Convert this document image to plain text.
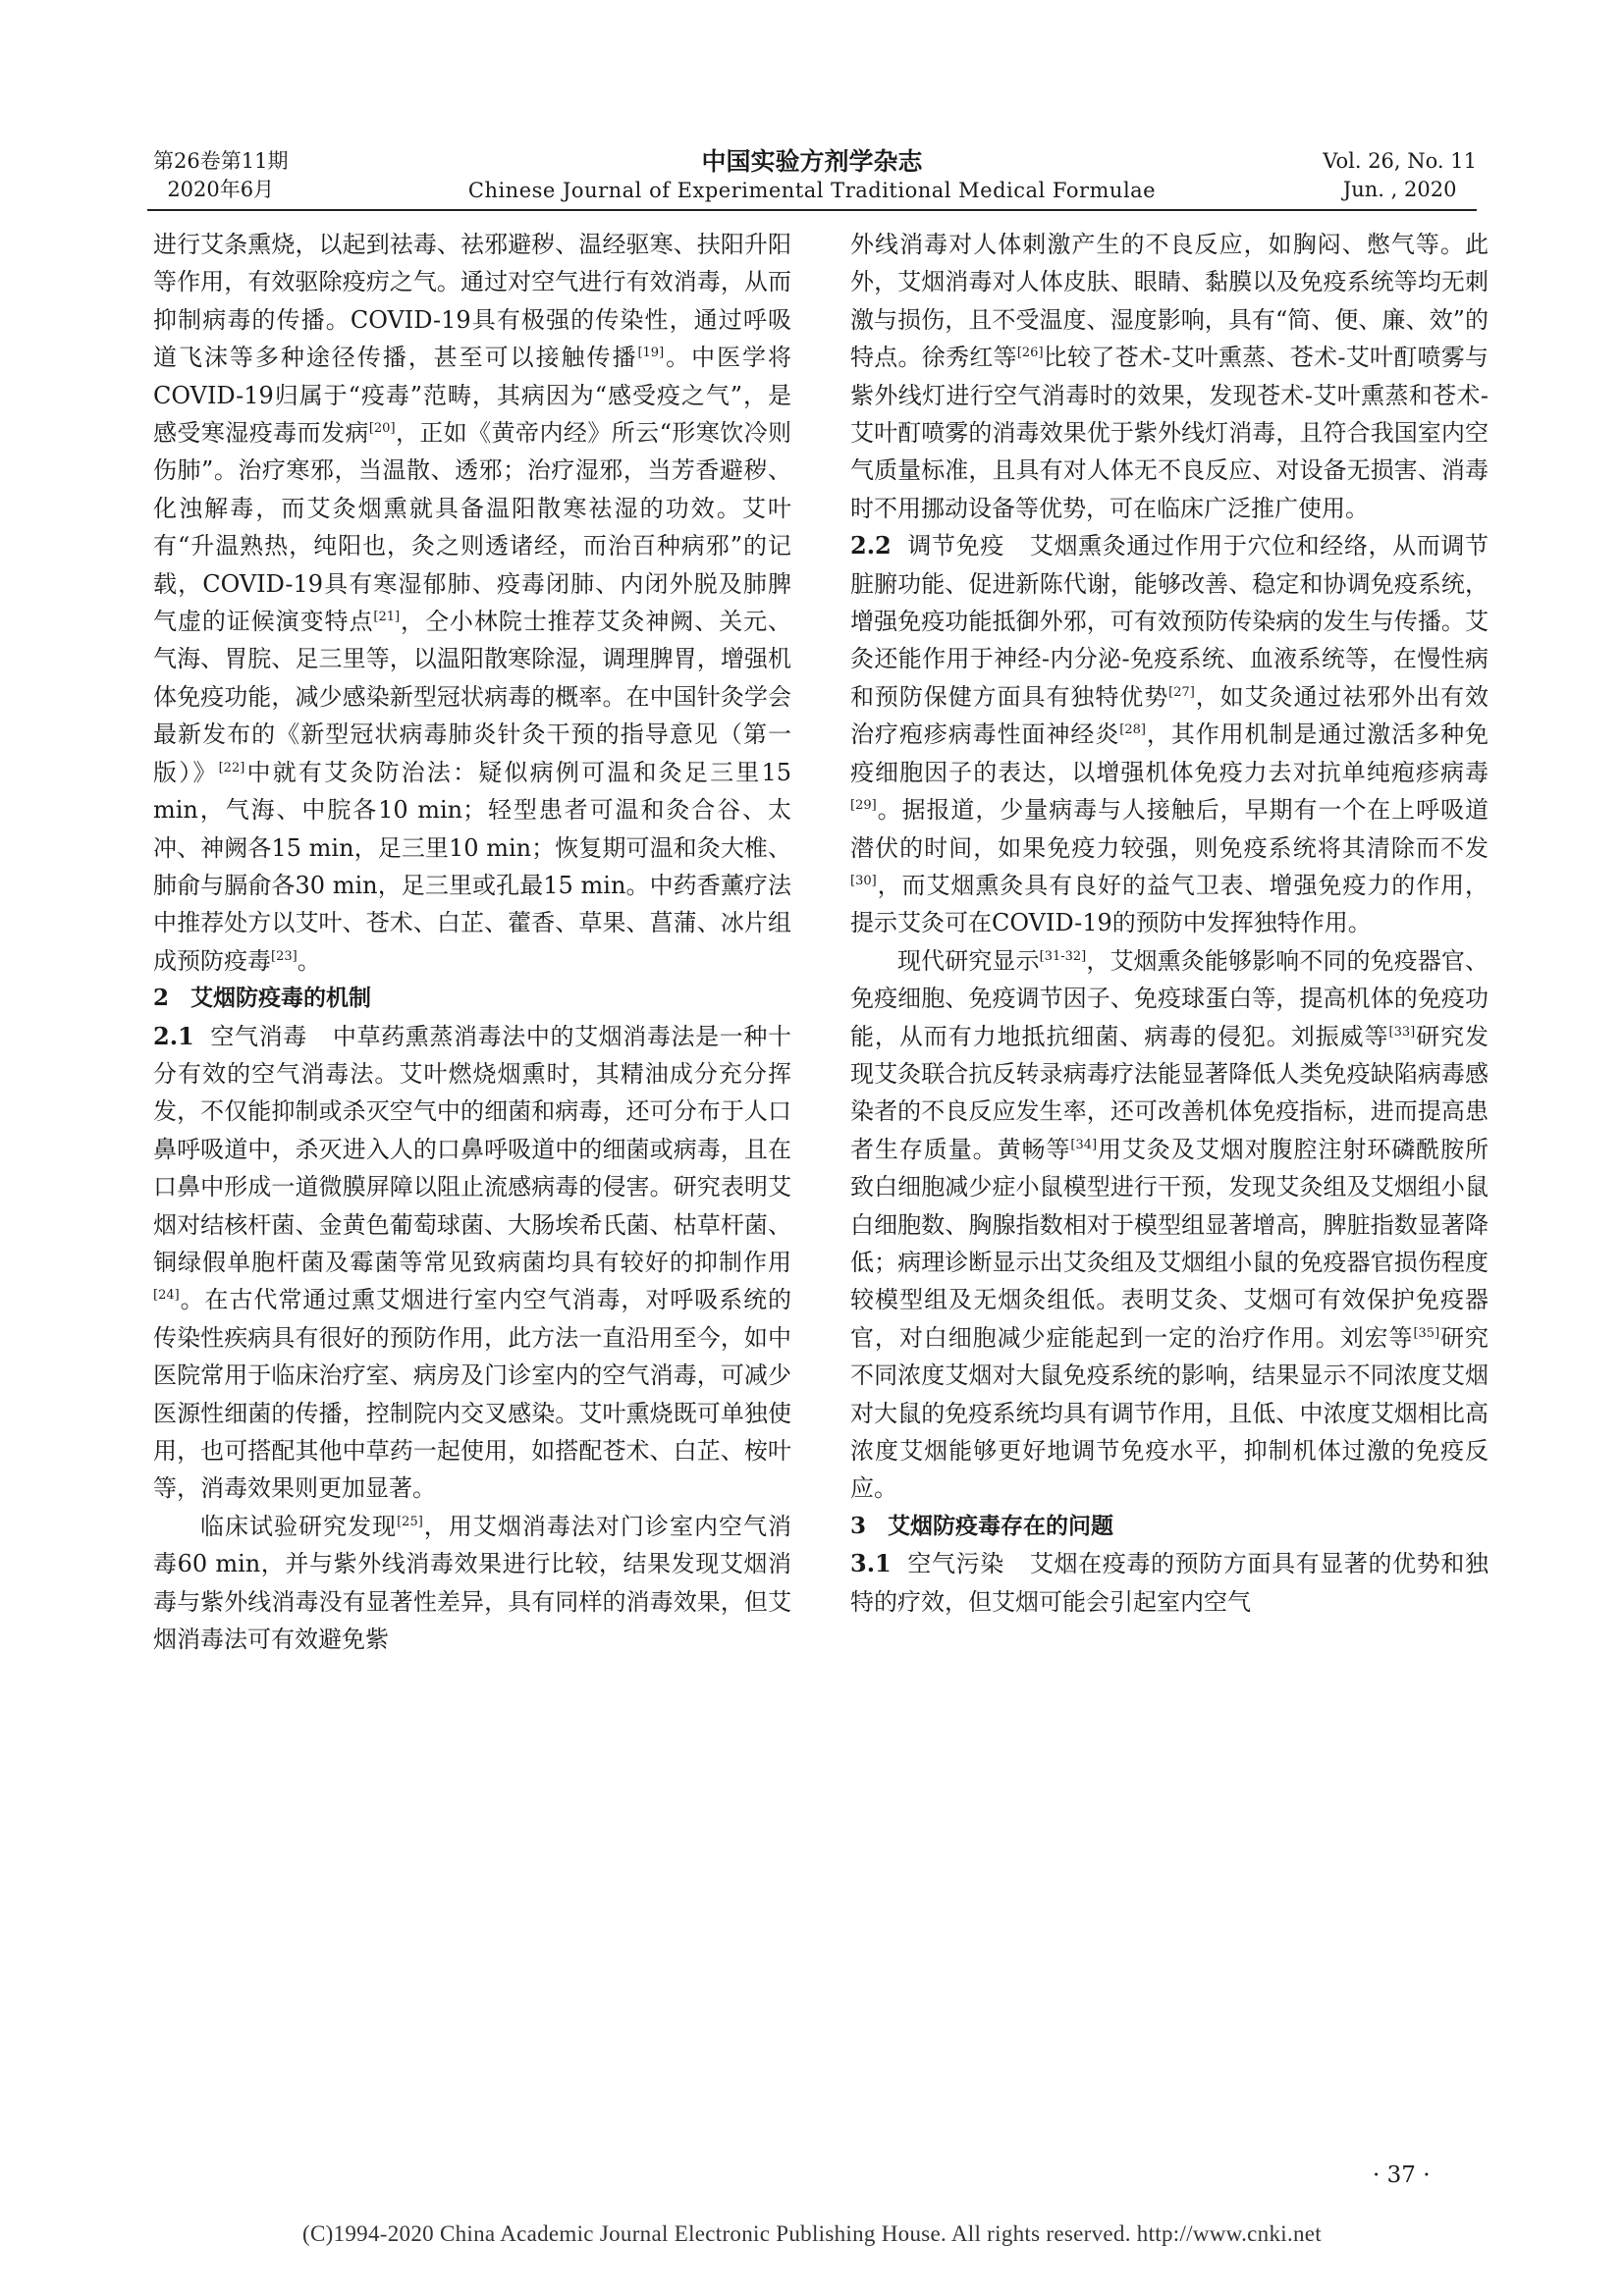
第26卷第11期
2020年6月
中国实验方剂学杂志
Chinese Journal of Experimental Traditional Medical Formulae
Vol. 26, No. 11
Jun. , 2020

进行艾条熏烧，以起到祛毒、祛邪避秽、温经驱寒、扶阳升阳等作用，有效驱除疫疠之气。通过对空气进行有效消毒，从而抑制病毒的传播。COVID-19具有极强的传染性，通过呼吸道飞沫等多种途径传播，甚至可以接触传播[19]。中医学将COVID-19归属于“疫毒”范畴，其病因为“感受疫之气”，是感受寒湿疫毒而发病[20]，正如《黄帝内经》所云“形寒饮冷则伤肺”。治疗寒邪，当温散、透邪；治疗湿邪，当芳香避秽、化浊解毒，而艾灸烟熏就具备温阳散寒祛湿的功效。艾叶有“升温熟热，纯阳也，灸之则透诸经，而治百种病邪”的记载，COVID-19具有寒湿郁肺、疫毒闭肺、内闭外脱及肺脾气虚的证候演变特点[21]，仝小林院士推荐艾灸神阙、关元、气海、胃脘、足三里等，以温阳散寒除湿，调理脾胃，增强机体免疫功能，减少感染新型冠状病毒的概率。在中国针灸学会最新发布的《新型冠状病毒肺炎针灸干预的指导意见（第一版）》[22]中就有艾灸防治法：疑似病例可温和灸足三里15 min，气海、中脘各10 min；轻型患者可温和灸合谷、太冲、神阙各15 min，足三里10 min；恢复期可温和灸大椎、肺俞与膈俞各30 min，足三里或孔最15 min。中药香薰疗法中推荐处方以艾叶、苍术、白芷、藿香、草果、菖蒲、冰片组成预防疫毒[23]。

2 艾烟防疫毒的机制

2.1 空气消毒 中草药熏蒸消毒法中的艾烟消毒法是一种十分有效的空气消毒法。艾叶燃烧烟熏时，其精油成分充分挥发，不仅能抑制或杀灭空气中的细菌和病毒，还可分布于人口鼻呼吸道中，杀灭进入人的口鼻呼吸道中的细菌或病毒，且在口鼻中形成一道微膜屏障以阻止流感病毒的侵害。研究表明艾烟对结核杆菌、金黄色葡萄球菌、大肠埃希氏菌、枯草杆菌、铜绿假单胞杆菌及霉菌等常见致病菌均具有较好的抑制作用[24]。在古代常通过熏艾烟进行室内空气消毒，对呼吸系统的传染性疾病具有很好的预防作用，此方法一直沿用至今，如中医院常用于临床治疗室、病房及门诊室内的空气消毒，可减少医源性细菌的传播，控制院内交叉感染。艾叶熏烧既可单独使用，也可搭配其他中草药一起使用，如搭配苍术、白芷、桉叶等，消毒效果则更加显著。

临床试验研究发现[25]，用艾烟消毒法对门诊室内空气消毒60 min，并与紫外线消毒效果进行比较，结果发现艾烟消毒与紫外线消毒没有显著性差异，具有同样的消毒效果，但艾烟消毒法可有效避免紫

外线消毒对人体刺激产生的不良反应，如胸闷、憋气等。此外，艾烟消毒对人体皮肤、眼睛、黏膜以及免疫系统等均无刺激与损伤，且不受温度、湿度影响，具有“简、便、廉、效”的特点。徐秀红等[26]比较了苍术-艾叶熏蒸、苍术-艾叶酊喷雾与紫外线灯进行空气消毒时的效果，发现苍术-艾叶熏蒸和苍术-艾叶酊喷雾的消毒效果优于紫外线灯消毒，且符合我国室内空气质量标准，且具有对人体无不良反应、对设备无损害、消毒时不用挪动设备等优势，可在临床广泛推广使用。

2.2 调节免疫 艾烟熏灸通过作用于穴位和经络，从而调节脏腑功能、促进新陈代谢，能够改善、稳定和协调免疫系统，增强免疫功能抵御外邪，可有效预防传染病的发生与传播。艾灸还能作用于神经-内分泌-免疫系统、血液系统等，在慢性病和预防保健方面具有独特优势[27]，如艾灸通过祛邪外出有效治疗疱疹病毒性面神经炎[28]，其作用机制是通过激活多种免疫细胞因子的表达，以增强机体免疫力去对抗单纯疱疹病毒[29]。据报道，少量病毒与人接触后，早期有一个在上呼吸道潜伏的时间，如果免疫力较强，则免疫系统将其清除而不发[30]，而艾烟熏灸具有良好的益气卫表、增强免疫力的作用，提示艾灸可在COVID-19的预防中发挥独特作用。

现代研究显示[31-32]，艾烟熏灸能够影响不同的免疫器官、免疫细胞、免疫调节因子、免疫球蛋白等，提高机体的免疫功能，从而有力地抵抗细菌、病毒的侵犯。刘振威等[33]研究发现艾灸联合抗反转录病毒疗法能显著降低人类免疫缺陷病毒感染者的不良反应发生率，还可改善机体免疫指标，进而提高患者生存质量。黄畅等[34]用艾灸及艾烟对腹腔注射环磷酰胺所致白细胞减少症小鼠模型进行干预，发现艾灸组及艾烟组小鼠白细胞数、胸腺指数相对于模型组显著增高，脾脏指数显著降低；病理诊断显示出艾灸组及艾烟组小鼠的免疫器官损伤程度较模型组及无烟灸组低。表明艾灸、艾烟可有效保护免疫器官，对白细胞减少症能起到一定的治疗作用。刘宏等[35]研究不同浓度艾烟对大鼠免疫系统的影响，结果显示不同浓度艾烟对大鼠的免疫系统均具有调节作用，且低、中浓度艾烟相比高浓度艾烟能够更好地调节免疫水平，抑制机体过激的免疫反应。

3 艾烟防疫毒存在的问题

3.1 空气污染 艾烟在疫毒的预防方面具有显著的优势和独特的疗效，但艾烟可能会引起室内空气

· 37 ·
(C)1994-2020 China Academic Journal Electronic Publishing House. All rights reserved. http://www.cnki.net
